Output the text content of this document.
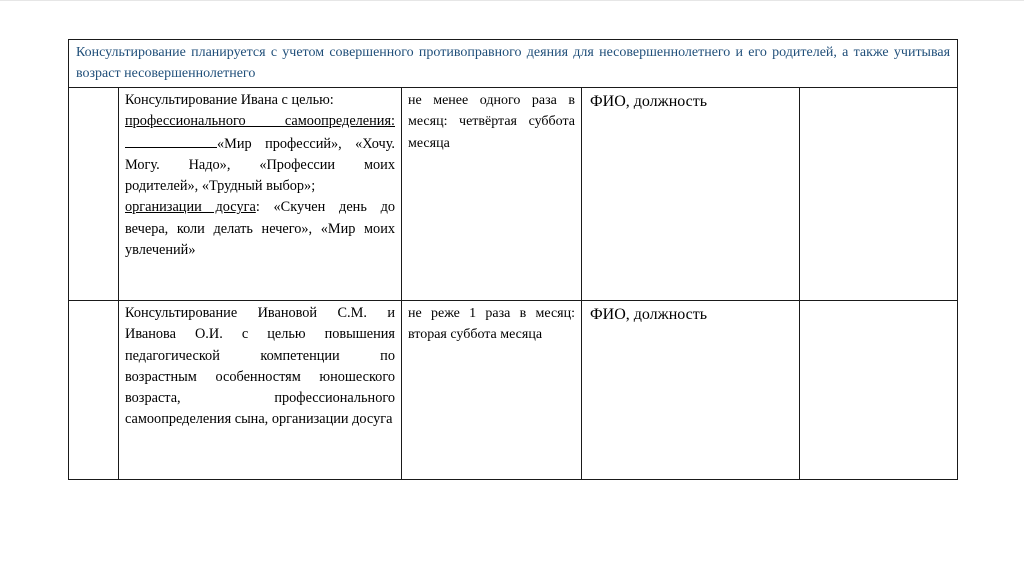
Консультирование планируется с учетом совершенного противоправного деяния для несовершеннолетнего и его родителей, а также учитывая возраст несовершеннолетнего				

	Консультирование Ивана с целью:
профессионального самоопределения:«Мир профессий», «Хочу. Могу. Надо», «Профессии моих родителей», «Трудный выбор»;
организации досуга: «Скучен день до вечера, коли делать нечего», «Мир моих увлечений»	не менее одного раза в месяц: четвёртая суббота месяца	ФИО, должность	

	Консультирование Ивановой С.М. и Иванова О.И. с целью повышения педагогической компетенции по возрастным особенностям юношеского возраста, профессионального самоопределения сына, организации досуга	не реже 1 раза в месяц:
вторая суббота месяца	ФИО, должность	
